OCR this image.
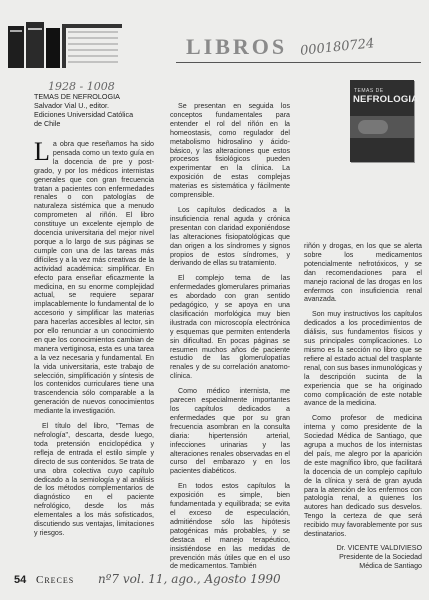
LIBROS 000180724
1928 - 1008
TEMAS DE NEFROLOGIA
Salvador Vial U., editor.
Ediciones Universidad Católica
de Chile

La obra que reseñamos ha sido pensada como un texto guía en la docencia de pre y post-grado, y por los médicos internistas generales que con gran frecuencia tratan a pacientes con enfermedades renales o con patologías de naturaleza sistémica que a menudo comprometen al riñón. El libro constituye un excelente ejemplo de docencia universitaria del mejor nivel porque a lo largo de sus páginas se cumple con una de las tareas más difíciles y a la vez más creativas de la actividad académica: simplificar. En efecto para enseñar eficazmente la medicina, en su enorme complejidad actual, se requiere separar implacablemente lo fundamental de lo accesorio y simplificar las materias para hacerlas accesibles al lector, sin por ello renunciar a un conocimiento en que los conocimientos cambian de manera vertiginosa, esta es una tarea a la vez necesaria y fundamental. En la vida universitaria, este trabajo de selección, simplificación y síntesis de los contenidos curriculares tiene una trascendencia sólo comparable a la generación de nuevos conocimientos mediante la investigación.

El título del libro, "Temas de nefrología", descarta, desde luego, toda pretensión enciclopédica y refleja de entrada el estilo simple y directo de sus contenidos. Se trata de una obra colectiva cuyo capítulo dedicado a la semiología y al análisis de los métodos complementarios de diagnóstico en el paciente nefrológico, desde los más elementales a los más sofisticados, discutiendo sus ventajas, limitaciones y riesgos.

Se presentan en seguida los conceptos fundamentales para entender el rol del riñón en la homeostasis, como regulador del metabolismo hidrosalino y ácido-básico, y las alteraciones que estos procesos fisiológicos pueden experimentar en la clínica. La exposición de estas complejas materias es sistemática y fácilmente comprensible.

Los capítulos dedicados a la insuficiencia renal aguda y crónica presentan con claridad exponiéndose las alteraciones fisiopatológicas que dan origen a los síndromes y signos propios de estos síndromes, y derivando de ellas su tratamiento.

El complejo tema de las enfermedades glomerulares primarias es abordado con gran sentido pedagógico, y se apoya en una clasificación morfológica muy bien ilustrada con microscopía electrónica y esquemas que permiten entenderla sin dificultad. En pocas páginas se resumen muchos años de paciente estudio de las glomerulopatías renales y de su correlación anatomo-clínica.

Como médico internista, me parecen especialmente importantes los capítulos dedicados a enfermedades que por su gran frecuencia asombran en la consulta diaria: hipertensión arterial, infecciones urinarias y las alteraciones renales observadas en el curso del embarazo y en los pacientes diabéticos.

En todos estos capítulos la exposición es simple, bien fundamentada y equilibrada; se evita el exceso de especulación, admitiéndose sólo las hipótesis patogénicas más probables, y se destaca el manejo terapéutico, insistiéndose en las medidas de prevención más útiles que en el uso de medicamentos. También

TEMAS DE
NEFROLOGIA

riñón y drogas, en los que se alerta sobre los medicamentos potencialmente nefrotóxicos, y se dan recomendaciones para el manejo racional de las drogas en los enfermos con insuficiencia renal avanzada.

Son muy instructivos los capítulos dedicados a los procedimientos de diálisis, sus fundamentos físicos y sus principales complicaciones. Lo mismo es la sección no libro que se refiere al estado actual del trasplante renal, con sus bases inmunológicas y la descripción sucinta de la experiencia que se ha originado como complicación de este notable avance de la medicina.

Como profesor de medicina interna y como presidente de la Sociedad Médica de Santiago, que agrupa a muchos de los internistas del país, me alegro por la aparición de este magnífico libro, que facilitará la docencia de un complejo capítulo de la clínica y será de gran ayuda para la atención de los enfermos con patología renal, a quienes los autores han dedicado sus desvelos. Tengo la certeza de que será recibido muy favorablemente por sus destinatarios.

Dr. VICENTE VALDIVIESO
Presidente de la Sociedad
Médica de Santiago
54 Creces nº7 vol. 11, ago., Agosto 1990
